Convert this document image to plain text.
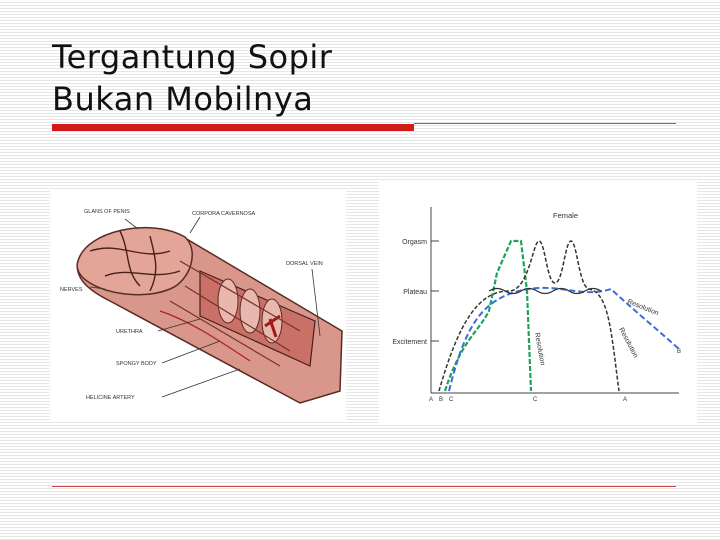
Tergantung Sopir
Bukan Mobilnya
GLANS OF PENIS	CORPORA CAVERNOSA
DORSAL VEIN
NERVES
URETHRA
SPONGY BODY
HELICINE ARTERY
Female
Orgasm
Plateau
Excitement	Resolution
Resolution
Resolution
A B C	C	A
B
